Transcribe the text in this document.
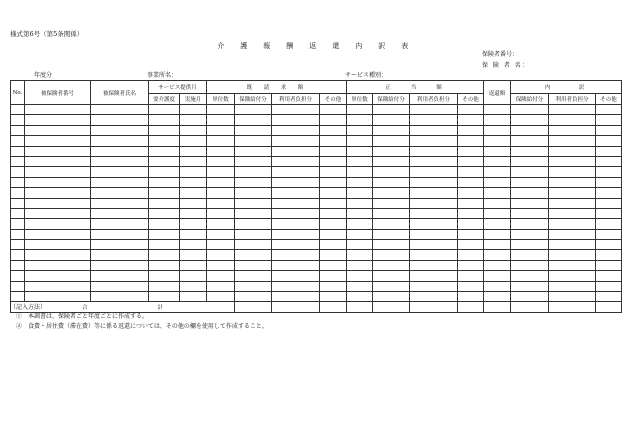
様式第6号（第5条関係）
介　護　報　酬　返　還　内　訳　表
保険者番号：
保 険 者 名：
年度分	事業所名：	サービス種別：
No.	被保険者番号	被保険者氏名	サービス提供月		既　請　求　額				正　　当　　額				返還額	内　　　訳		
			要介護度	実施月	単位数	保険給付分	利用者負担分	その他	単位数	保険給付分	利用者負担分	その他		保険給付分	利用者負担分	その他

合 計																
（記入方法）
①　本調書は、保険者ごと年度ごとに作成する。
②　食費・居住費（滞在費）等に係る返還については、その他の欄を使用して作成すること。
